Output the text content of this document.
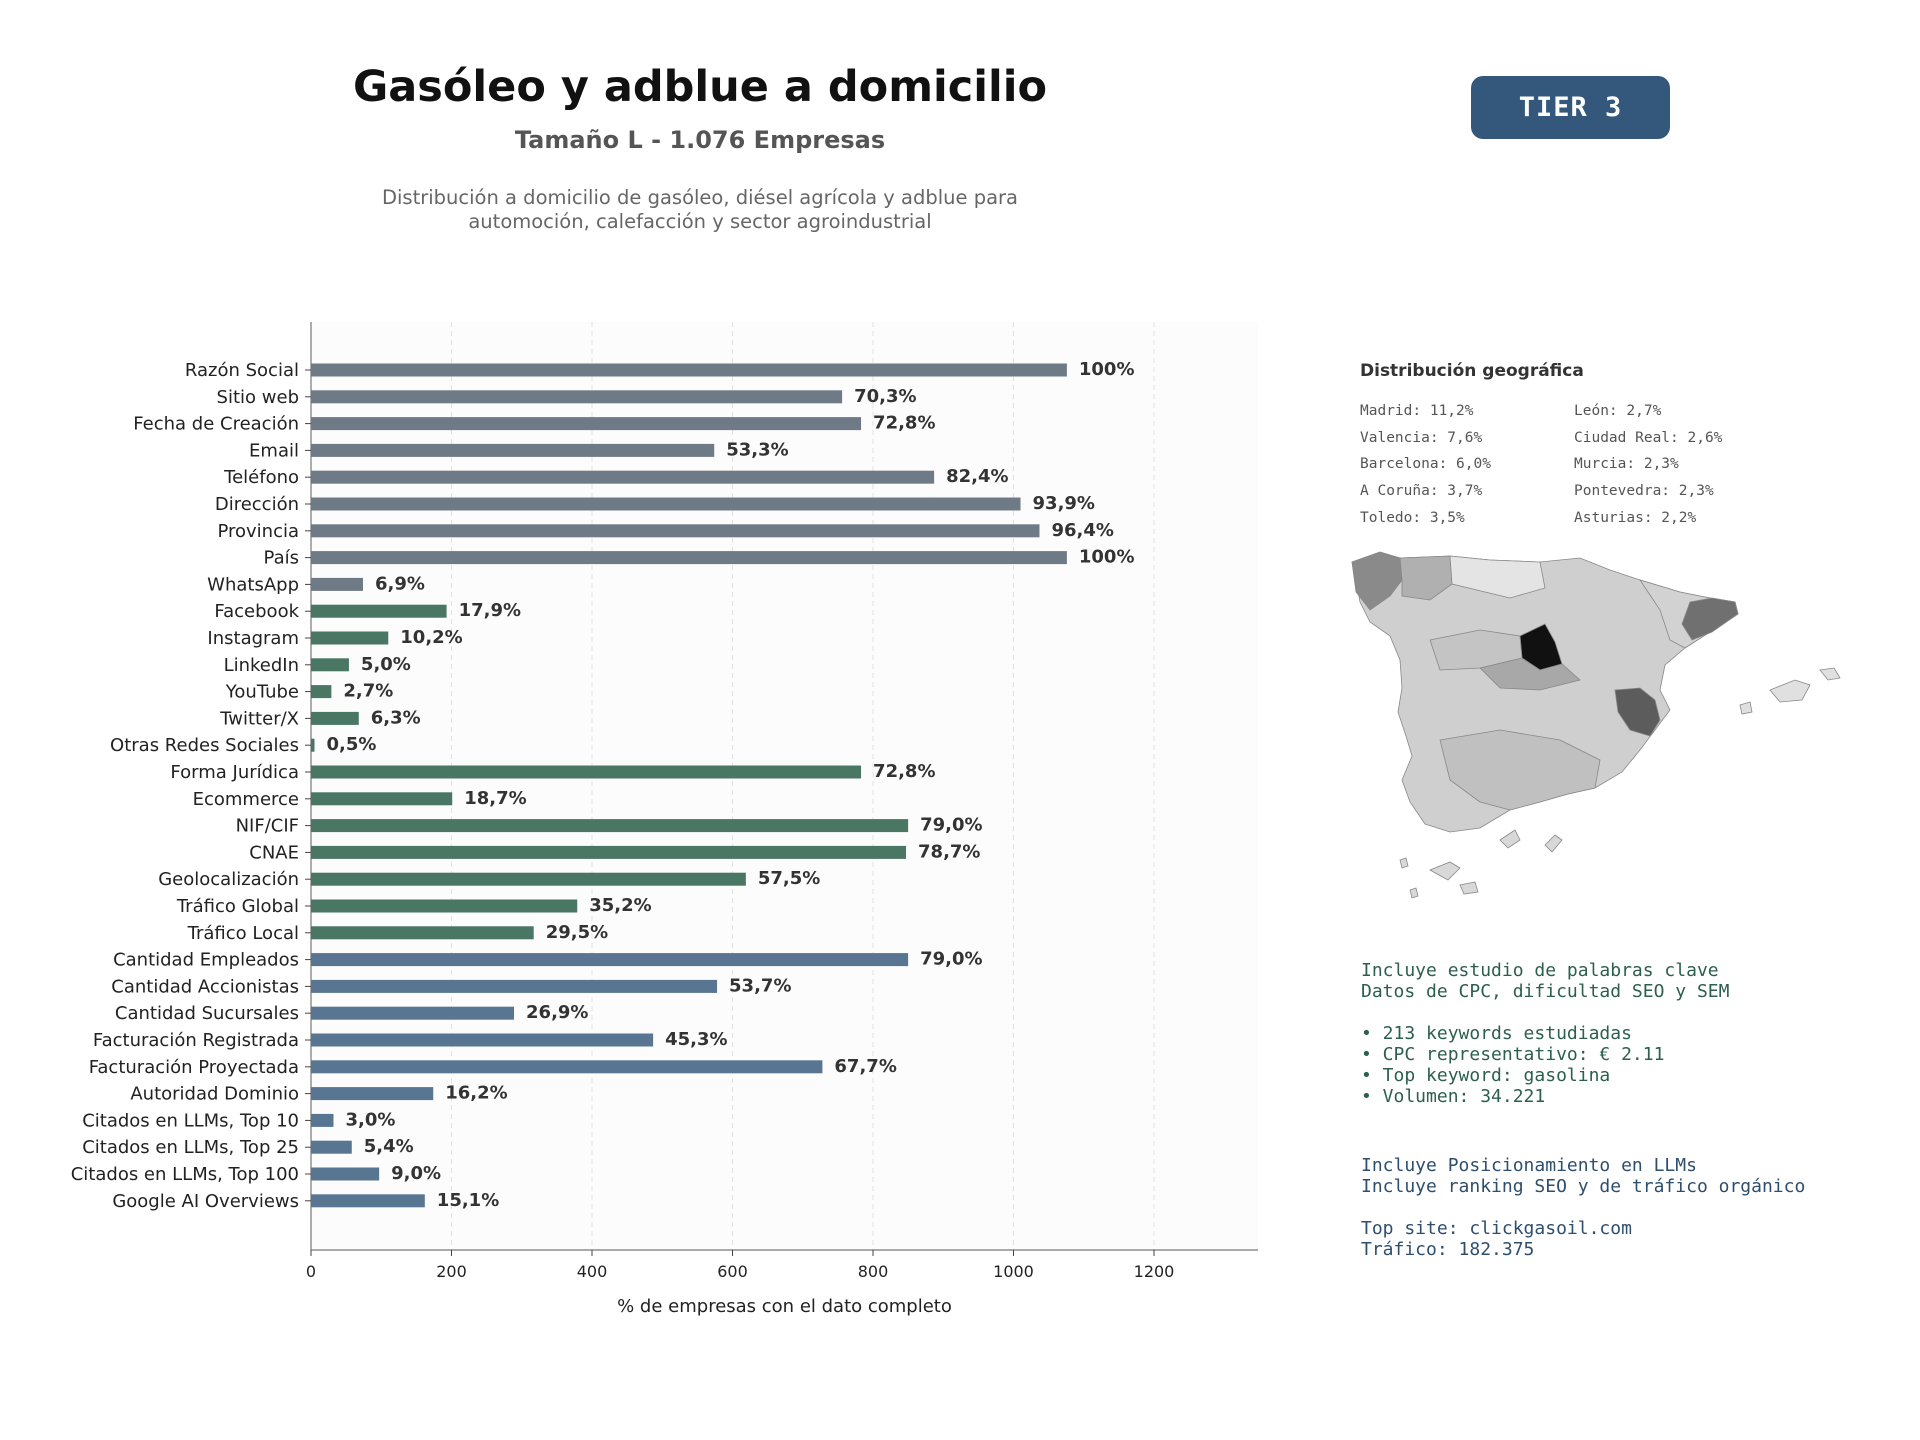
Gasóleo y adblue a domicilio
Tamaño L - 1.076 Empresas
Distribución a domicilio de gasóleo, diésel agrícola y adblue para
automoción, calefacción y sector agroindustrial
TIER 3
0	200	400	600	800	1000	1200
% de empresas con el dato completo
Razón Social	100%
Sitio web	70,3%
Fecha de Creación	72,8%
Email	53,3%
Teléfono	82,4%
Dirección	93,9%
Provincia	96,4%
País	100%
WhatsApp	6,9%
Facebook	17,9%
Instagram	10,2%
LinkedIn	5,0%
YouTube 2,7%
Twitter/X	6,3%
Otras Redes Sociales 0,5%
Forma Jurídica	72,8%
Ecommerce	18,7%
NIF/CIF	79,0%
CNAE	78,7%
Geolocalización	57,5%
Tráfico Global	35,2%
Tráfico Local	29,5%
Cantidad Empleados	79,0%
Cantidad Accionistas	53,7%
Cantidad Sucursales	26,9%
Facturación Registrada	45,3%
Facturación Proyectada	67,7%
Autoridad Dominio	16,2%
Citados en LLMs, Top 10	3,0%
Citados en LLMs, Top 25	5,4%
Citados en LLMs, Top 100	9,0%
Google AI Overviews	15,1%
Distribución geográfica
Madrid: 11,2%
Valencia: 7,6%
Barcelona: 6,0%
A Coruña: 3,7%
Toledo: 3,5%
León: 2,7%
Ciudad Real: 2,6%
Murcia: 2,3%
Pontevedra: 2,3%
Asturias: 2,2%
Incluye estudio de palabras clave
Datos de CPC, dificultad SEO y SEM

• 213 keywords estudiadas
• CPC representativo: € 2.11
• Top keyword: gasolina
• Volumen: 34.221
Incluye Posicionamiento en LLMs
Incluye ranking SEO y de tráfico orgánico

Top site: clickgasoil.com
Tráfico: 182.375
